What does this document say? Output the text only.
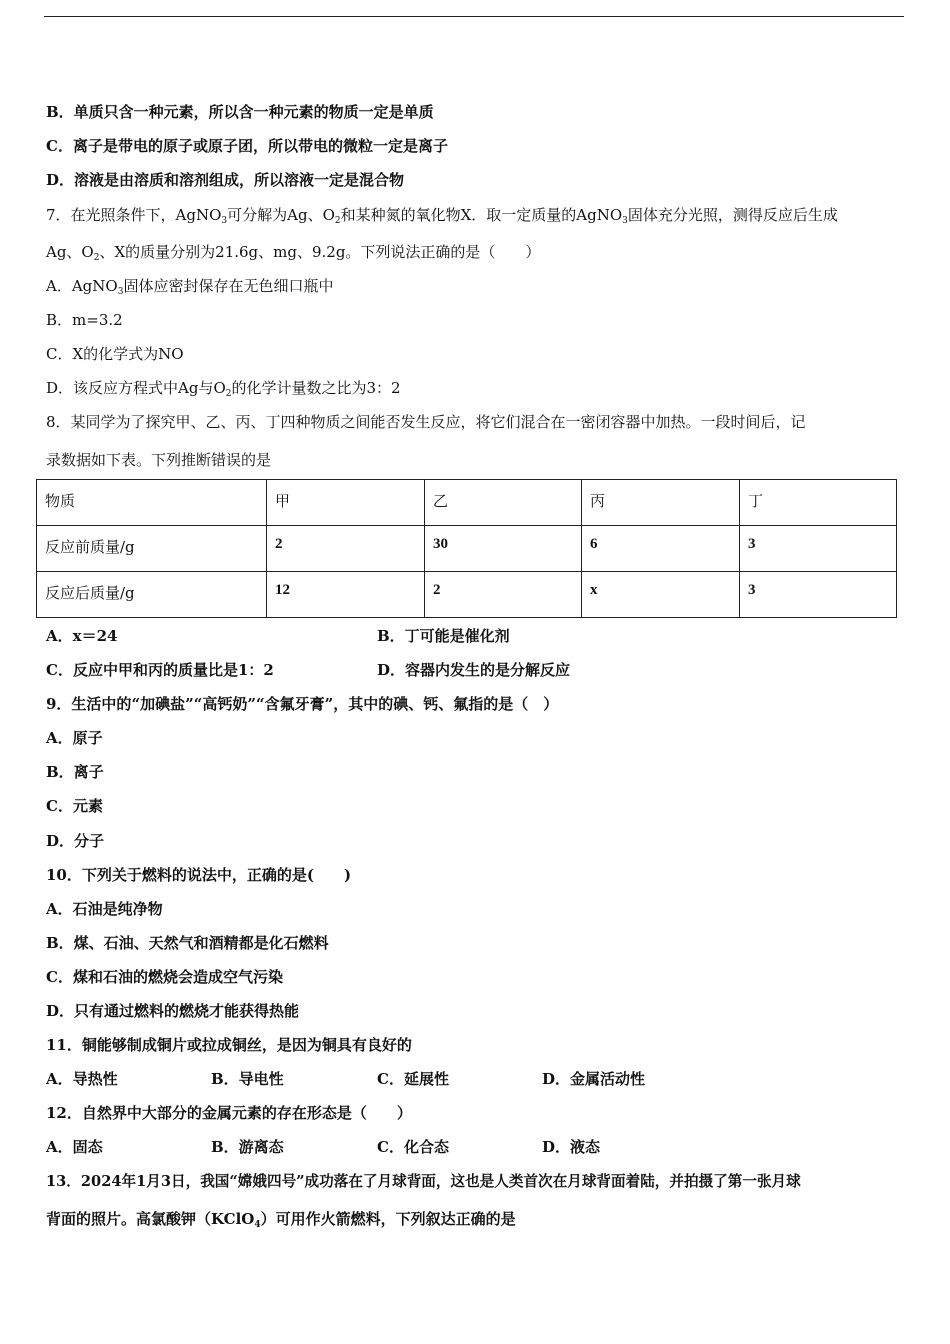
B．单质只含一种元素，所以含一种元素的物质一定是单质
C．离子是带电的原子或原子团，所以带电的微粒一定是离子
D．溶液是由溶质和溶剂组成，所以溶液一定是混合物
7．在光照条件下，AgNO$_3$可分解为Ag、$O_2$和某种氮的氧化物X．取一定质量的AgNO$_3$固体充分光照，测得反应后生成
Ag、$O_2$、X的质量分别为21.6g、mg、9.2g。下列说法正确的是（　　）
A．AgNO$_3$固体应密封保存在无色细口瓶中
B．m=3.2
C．X的化学式为NO
D．该反应方程式中Ag与$O_2$的化学计量数之比为3：2
8．某同学为了探究甲、乙、丙、丁四种物质之间能否发生反应，将它们混合在一密闭容器中加热。一段时间后，记
录数据如下表。下列推断错误的是
物质	甲	乙	丙	丁
反应前质量/g	2	30	6	3
反应后质量/g	12	2	x	3
A．x＝24	B．丁可能是催化剂
C．反应中甲和丙的质量比是1：2	D．容器内发生的是分解反应
9．生活中的“加碘盐”“高钙奶”“含氟牙膏”，其中的碘、钙、氟指的是（　）
A．原子
B．离子
C．元素
D．分子
10．下列关于燃料的说法中，正确的是(　　)
A．石油是纯净物
B．煤、石油、天然气和酒精都是化石燃料
C．煤和石油的燃烧会造成空气污染
D．只有通过燃料的燃烧才能获得热能
11．铜能够制成铜片或拉成铜丝，是因为铜具有良好的
A．导热性	B．导电性	C．延展性	D．金属活动性
12．自然界中大部分的金属元素的存在形态是（　　）
A．固态	B．游离态	C．化合态	D．液态
13．2024年1月3日，我国“嫦娥四号”成功落在了月球背面，这也是人类首次在月球背面着陆，并拍摄了第一张月球
背面的照片。高氯酸钾（KClO$_4$）可用作火箭燃料，下列叙达正确的是
